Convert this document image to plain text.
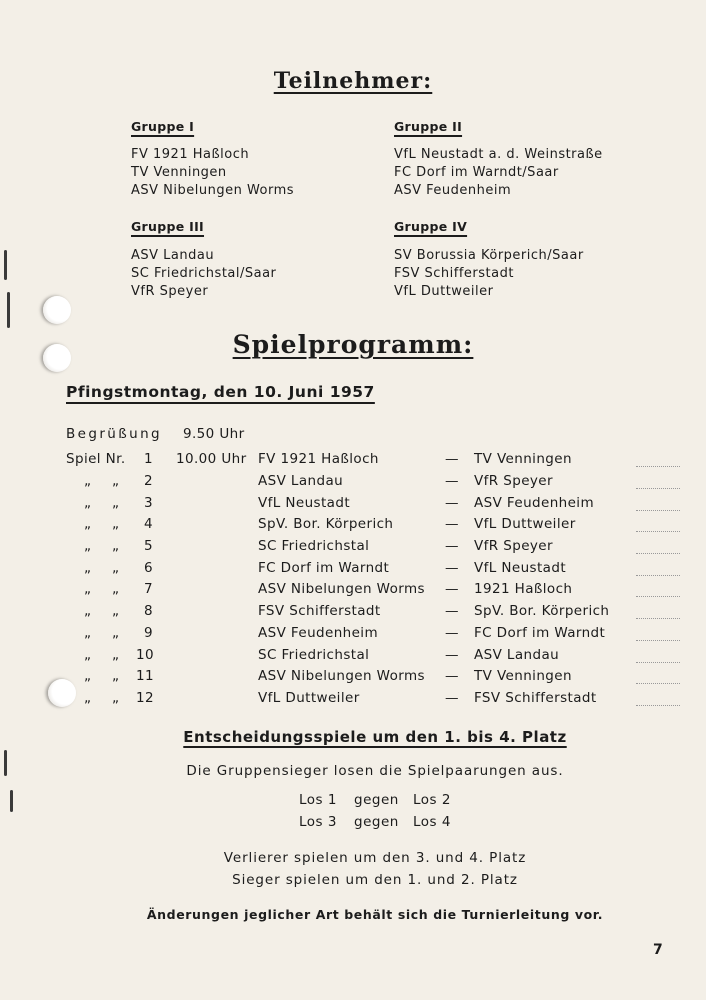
Teilnehmer:
Gruppe I
FV 1921 Haßloch
TV Venningen
ASV Nibelungen Worms
Gruppe II
VfL Neustadt a. d. Weinstraße
FC Dorf im Warndt/Saar
ASV Feudenheim
Gruppe III
ASV Landau
SC Friedrichstal/Saar
VfR Speyer
Gruppe IV
SV Borussia Körperich/Saar
FSV Schifferstadt
VfL Duttweiler
Spielprogramm:
Pfingstmontag, den 10. Juni 1957
Begrüßung 9.50 Uhr
Spiel Nr.	1 10.00 Uhr FV 1921 Haßloch	— TV Venningen
„ „	2	ASV Landau	— VfR Speyer
„ „	3	VfL Neustadt	— ASV Feudenheim
„ „	4	SpV. Bor. Körperich	— VfL Duttweiler
„ „	5	SC Friedrichstal	— VfR Speyer
„ „	6	FC Dorf im Warndt	— VfL Neustadt
„ „	7	ASV Nibelungen Worms — 1921 Haßloch
„ „	8	FSV Schifferstadt	— SpV. Bor. Körperich
„ „	9	ASV Feudenheim	— FC Dorf im Warndt
„ „ 10	SC Friedrichstal	— ASV Landau
„ „ 11	ASV Nibelungen Worms — TV Venningen
„ „ 12	VfL Duttweiler	— FSV Schifferstadt
Entscheidungsspiele um den 1. bis 4. Platz
Die Gruppensieger losen die Spielpaarungen aus.
Los 1 gegen Los 2
Los 3 gegen Los 4
Verlierer spielen um den 3. und 4. Platz
Sieger spielen um den 1. und 2. Platz
Änderungen jeglicher Art behält sich die Turnierleitung vor.
7
